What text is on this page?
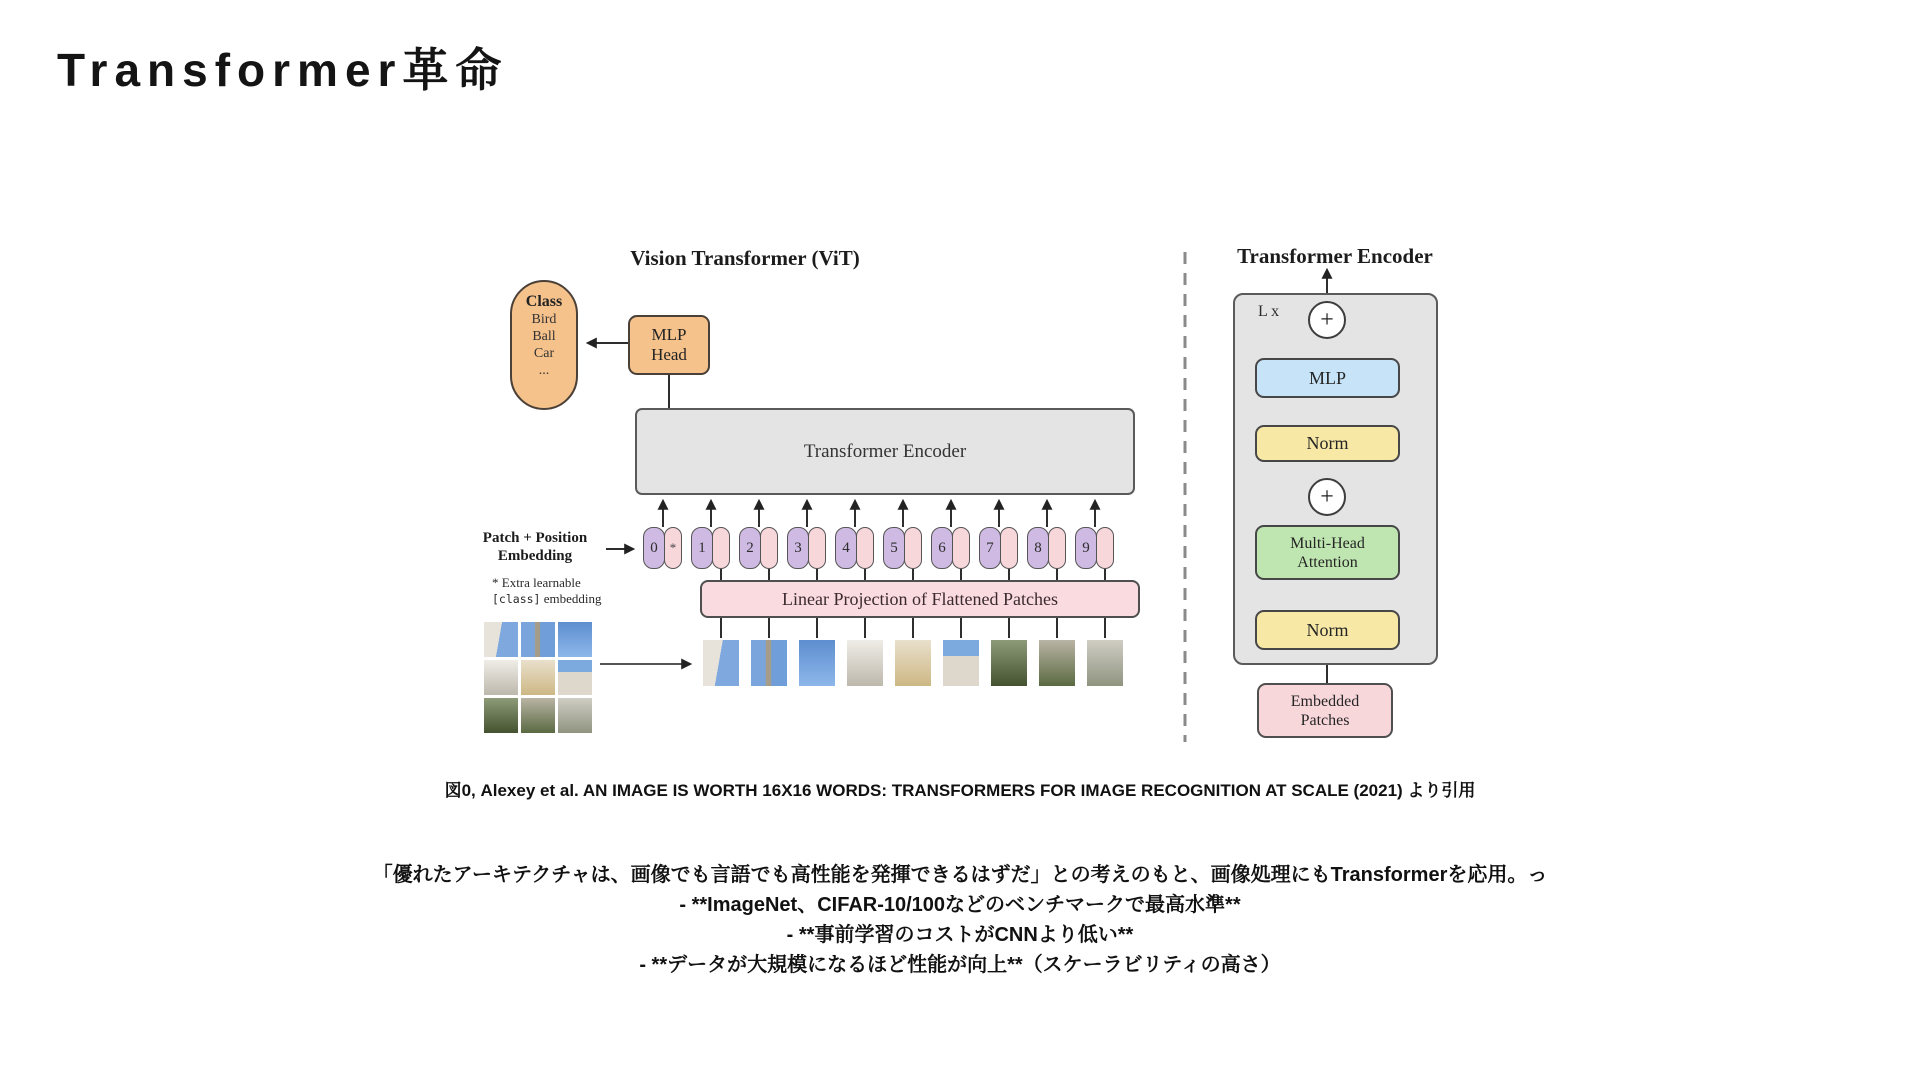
Transformer革命
Vision Transformer (ViT)
Class
Bird
Ball
Car
...
MLP
Head
Transformer Encoder
0 *	1	2	3	4	5	6	7	8	9
Patch + Position
Embedding
* Extra learnable
[class] embedding	Linear Projection of Flattened Patches
Transformer Encoder
L x +
+
MLP
Norm
Multi-Head
Attention
Norm
Embedded
Patches
図0, Alexey et al. AN IMAGE IS WORTH 16X16 WORDS: TRANSFORMERS FOR IMAGE RECOGNITION AT SCALE (2021) より引用
「優れたアーキテクチャは、画像でも言語でも高性能を発揮できるはずだ」との考えのもと、画像処理にもTransformerを応用。っ
- **ImageNet、CIFAR-10/100などのベンチマークで最高水準**
- **事前学習のコストがCNNより低い**
- **データが大規模になるほど性能が向上**（スケーラビリティの高さ）
